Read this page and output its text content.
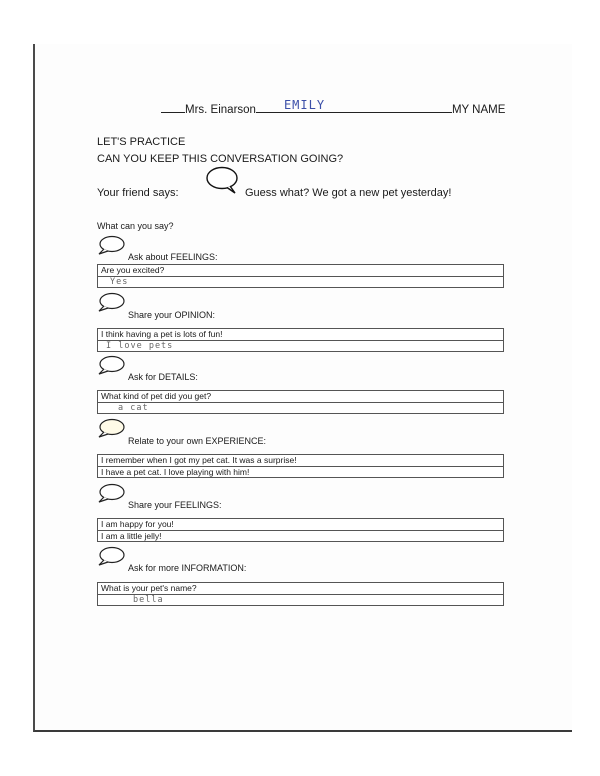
Mrs. Einarson EMILY	MY NAME
LET'S PRACTICE
CAN YOU KEEP THIS CONVERSATION GOING?
Your friend says:	Guess what? We got a new pet yesterday!
What can you say?
Ask about FEELINGS:
Are you excited?
Yes
Share your OPINION:
I think having a pet is lots of fun!
I love pets
Ask for DETAILS:
What kind of pet did you get?
a cat
Relate to your own EXPERIENCE:
I remember when I got my pet cat. It was a surprise!
I have a pet cat. I love playing with him!
Share your FEELINGS:
I am happy for you!
I am a little jelly!
Ask for more INFORMATION:
What is your pet's name?
bella
